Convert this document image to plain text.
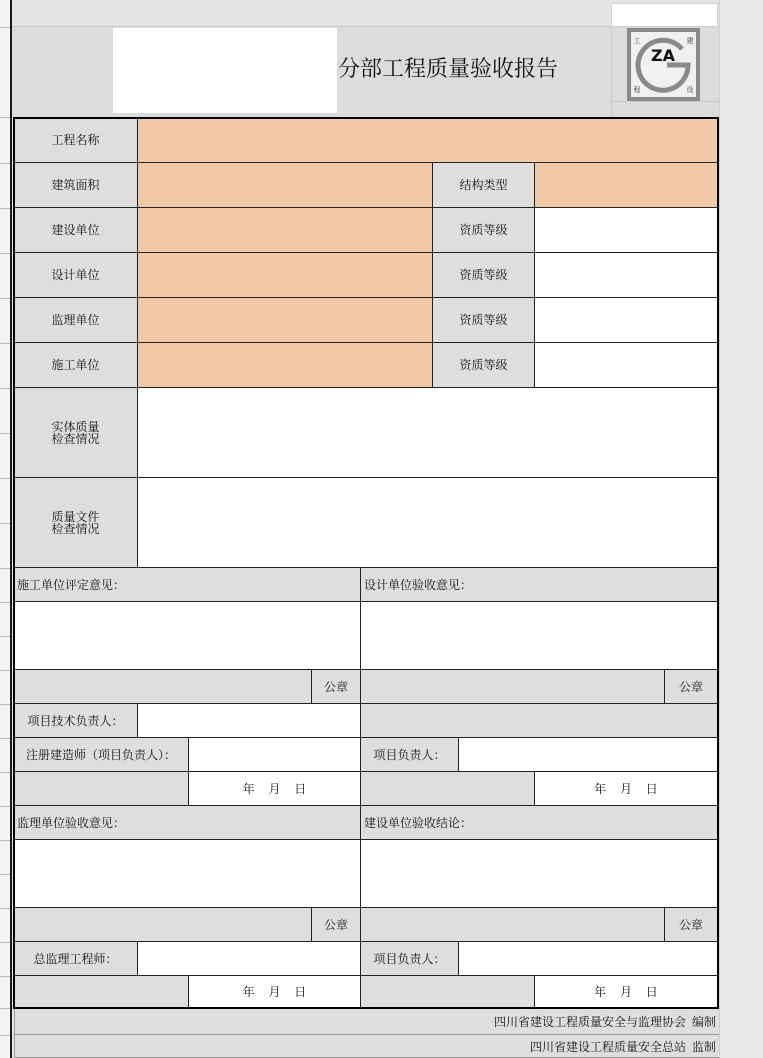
分部工程质量验收报告
ZA
工	建
程	设
工程名称
建筑面积	结构类型
建设单位	资质等级
设计单位	资质等级
监理单位	资质等级
施工单位	资质等级
实体质量
检查情况
质量文件
检查情况
施工单位评定意见：	设计单位验收意见：
公章	公章
项目技术负责人：
注册建造师（项目负责人）：	项目负责人：
年 月 日	年 月 日
监理单位验收意见：	建设单位验收结论：
公章	公章
总监理工程师：	项目负责人：
年 月 日	年 月 日
四川省建设工程质量安全与监理协会 编制
四川省建设工程质量安全总站 监制
